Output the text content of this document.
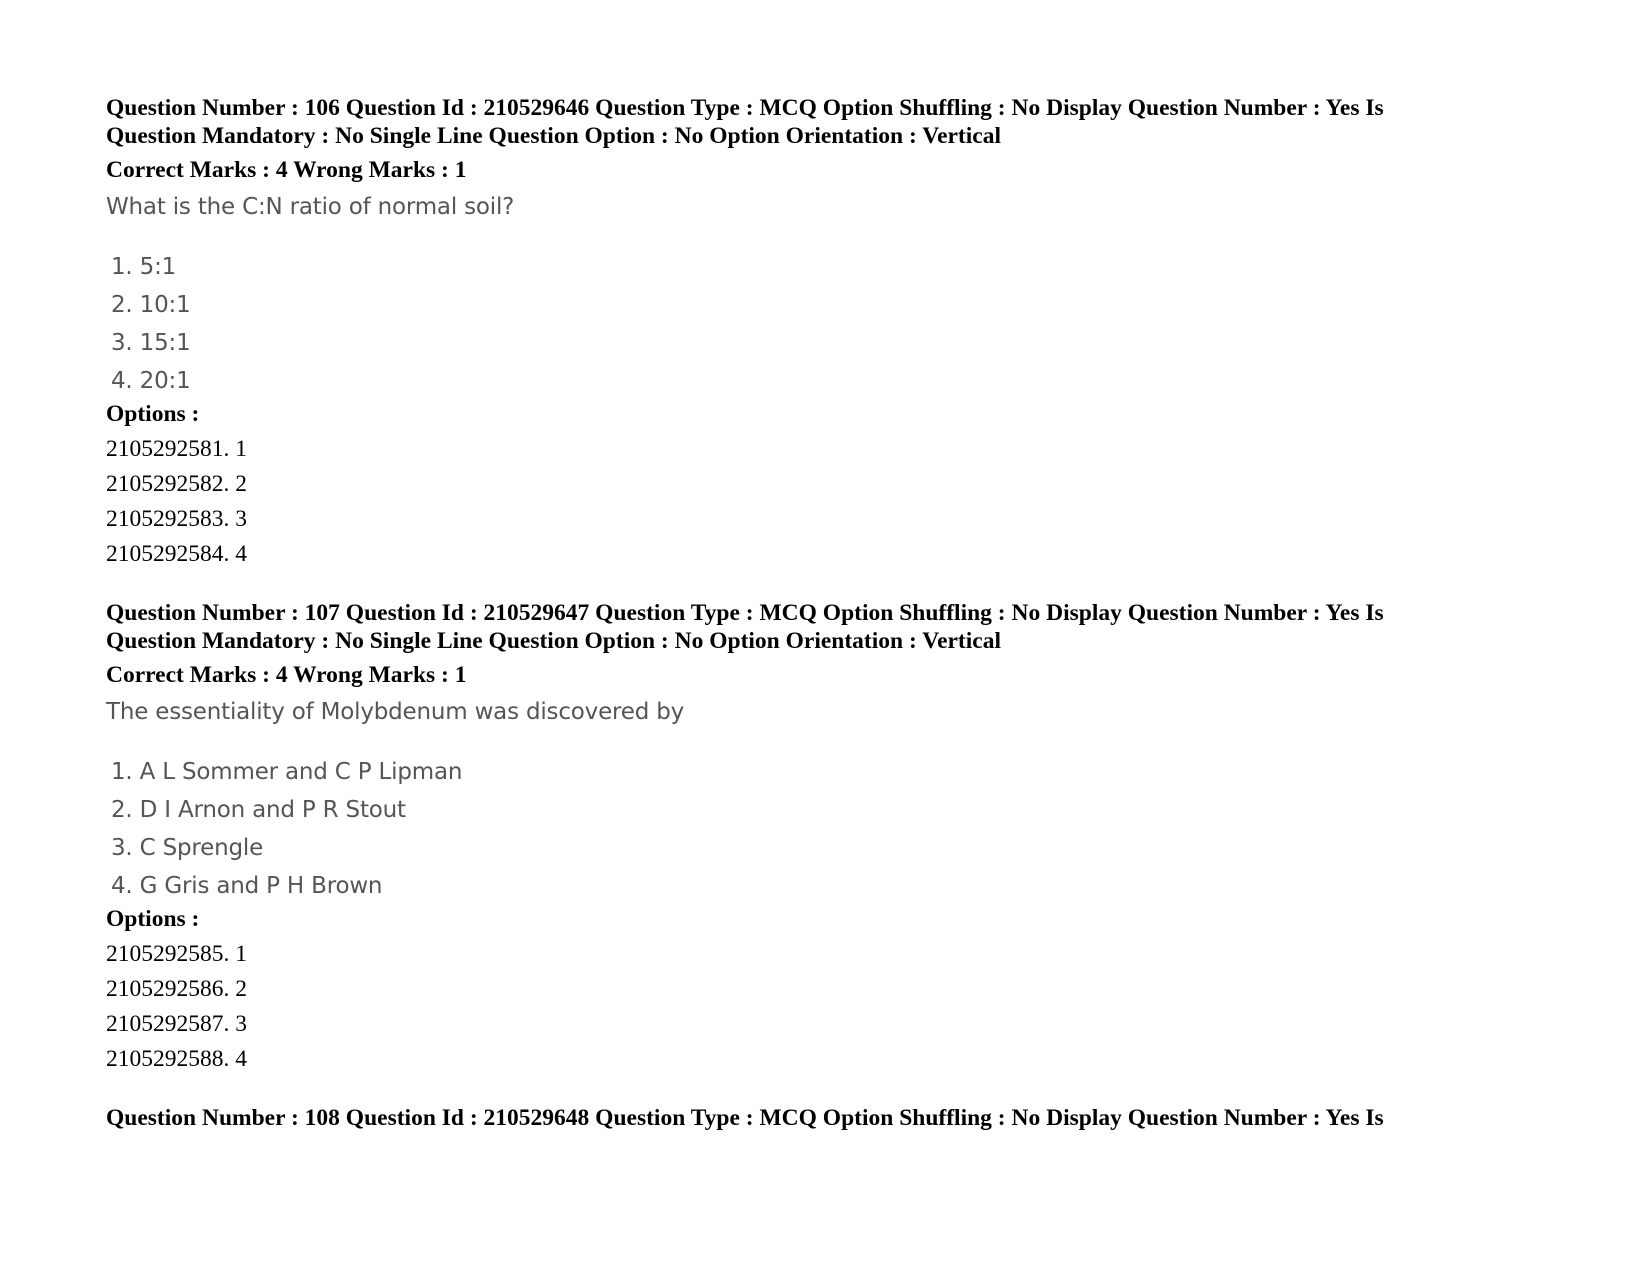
Question Number : 106 Question Id : 210529646 Question Type : MCQ Option Shuffling : No Display Question Number : Yes Is
Question Mandatory : No Single Line Question Option : No Option Orientation : Vertical
Correct Marks : 4 Wrong Marks : 1
What is the C:N ratio of normal soil?
1. 5:1
2. 10:1
3. 15:1
4. 20:1
Options :
2105292581. 1
2105292582. 2
2105292583. 3
2105292584. 4
Question Number : 107 Question Id : 210529647 Question Type : MCQ Option Shuffling : No Display Question Number : Yes Is
Question Mandatory : No Single Line Question Option : No Option Orientation : Vertical
Correct Marks : 4 Wrong Marks : 1
The essentiality of Molybdenum was discovered by
1. A L Sommer and C P Lipman
2. D I Arnon and P R Stout
3. C Sprengle
4. G Gris and P H Brown
Options :
2105292585. 1
2105292586. 2
2105292587. 3
2105292588. 4
Question Number : 108 Question Id : 210529648 Question Type : MCQ Option Shuffling : No Display Question Number : Yes Is
